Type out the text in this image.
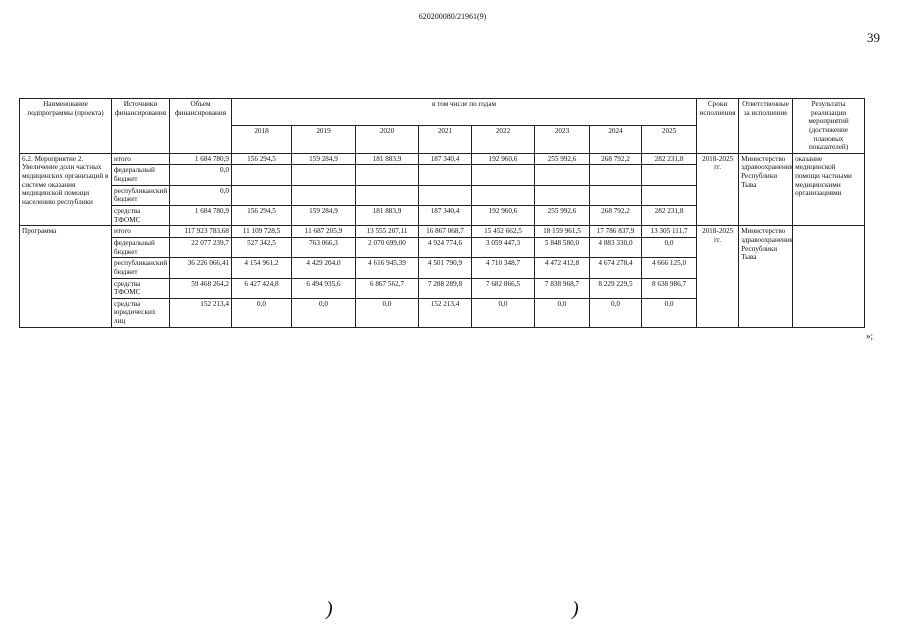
620200080/21961(9)
39
Наименование подпрограммы (проекта)	Источники финансирования	Объем финансирования	в том числе по годам								Сроки исполнения	Ответственные за исполнение	Результаты реализации мероприятий (достижение плановых показателей)
			2018	2019	2020	2021	2022	2023	2024	2025			
6.2. Мероприятие 2. Увеличение доли частных медицинских организаций в системе оказания медицинской помощи населению республики	итого	1 684 780,9	156 294,5	159 284,9	181 883,9	187 340,4	192 960,6	255 992,6	268 792,2	282 231,8	2018-2025 гг.	Министерство здравоохранения Республики Тыва	оказание медицинской помощи частными медицинскими организациями
	федеральный бюджет	0,0											
	республиканский бюджет	0,0											
	средства ТФОМС	1 684 780,9	156 294,5	159 284,9	181 883,9	187 340,4	192 960,6	255 992,6	268 792,2	282 231,8			
Программа	итого	117 923 783,68	11 109 728,5	11 687 205,9	13 555 207,11	16 867 068,7	15 452 662,5	18 159 961,5	17 786 837,9	13 305 111,7	2018-2025 гг.	Министерство здравоохранения Республики Тыва	
	федеральный бюджет	22 077 239,7	527 342,5	763 066,3	2 070 699,00	4 924 774,6	3 059 447,3	5 848 580,0	4 883 330,0	0,0			
	республиканский бюджет	36 226 066,41	4 154 961,2	4 429 204,0	4 616 945,39	4 501 790,9	4 710 348,7	4 472 412,8	4 674 278,4	4 666 125,0			
	средства ТФОМС	59 468 264,2	6 427 424,8	6 494 935,6	6 867 562,7	7 288 289,8	7 682 866,5	7 838 968,7	8 229 229,5	8 638 986,7			
	средства юридических лиц	152 213,4	0,0	0,0	0,0	152 213,4	0,0	0,0	0,0	0,0			
»;
)	)
